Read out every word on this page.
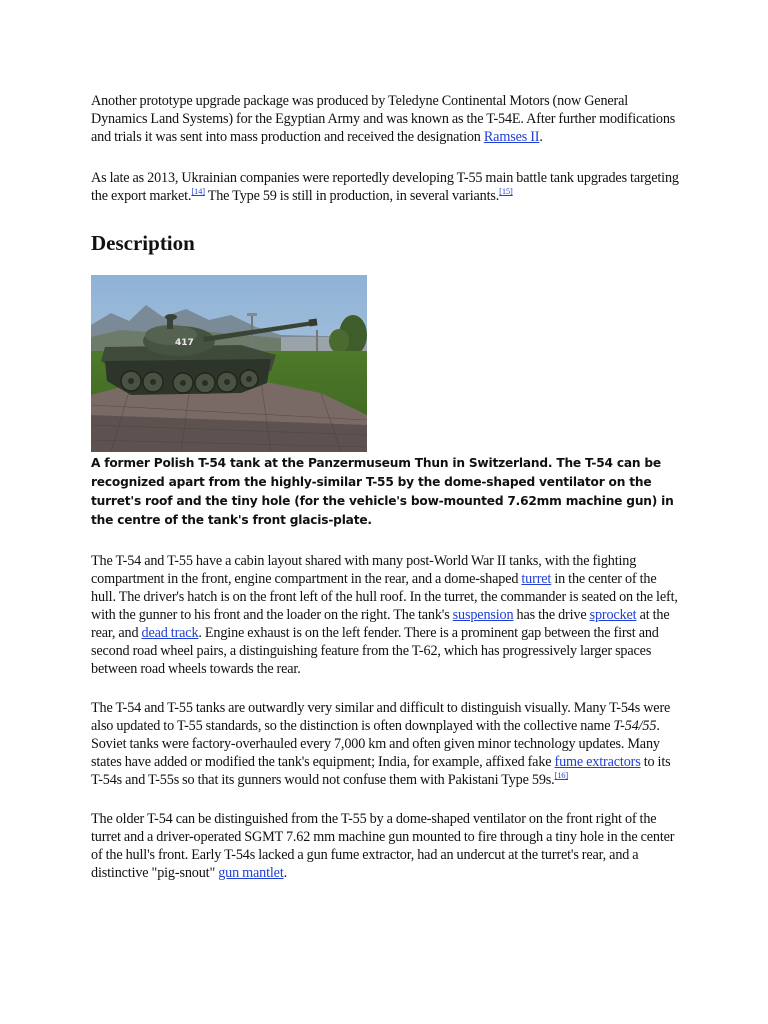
Another prototype upgrade package was produced by Teledyne Continental Motors (now General Dynamics Land Systems) for the Egyptian Army and was known as the T-54E. After further modifications and trials it was sent into mass production and received the designation Ramses II.

As late as 2013, Ukrainian companies were reportedly developing T-55 main battle tank upgrades targeting the export market.[14] The Type 59 is still in production, in several variants.[15]

Description
417

A former Polish T-54 tank at the Panzermuseum Thun in Switzerland. The T-54 can be recognized apart from the highly-similar T-55 by the dome-shaped ventilator on the turret's roof and the tiny hole (for the vehicle's bow-mounted 7.62mm machine gun) in the centre of the tank's front glacis-plate.

The T-54 and T-55 have a cabin layout shared with many post-World War II tanks, with the fighting compartment in the front, engine compartment in the rear, and a dome-shaped turret in the center of the hull. The driver's hatch is on the front left of the hull roof. In the turret, the commander is seated on the left, with the gunner to his front and the loader on the right. The tank's suspension has the drive sprocket at the rear, and dead track. Engine exhaust is on the left fender. There is a prominent gap between the first and second road wheel pairs, a distinguishing feature from the T-62, which has progressively larger spaces between road wheels towards the rear.

The T-54 and T-55 tanks are outwardly very similar and difficult to distinguish visually. Many T-54s were also updated to T-55 standards, so the distinction is often downplayed with the collective name T-54/55. Soviet tanks were factory-overhauled every 7,000 km and often given minor technology updates. Many states have added or modified the tank's equipment; India, for example, affixed fake fume extractors to its T-54s and T-55s so that its gunners would not confuse them with Pakistani Type 59s.[16]

The older T-54 can be distinguished from the T-55 by a dome-shaped ventilator on the front right of the turret and a driver-operated SGMT 7.62 mm machine gun mounted to fire through a tiny hole in the center of the hull's front. Early T-54s lacked a gun fume extractor, had an undercut at the turret's rear, and a distinctive "pig-snout" gun mantlet.
